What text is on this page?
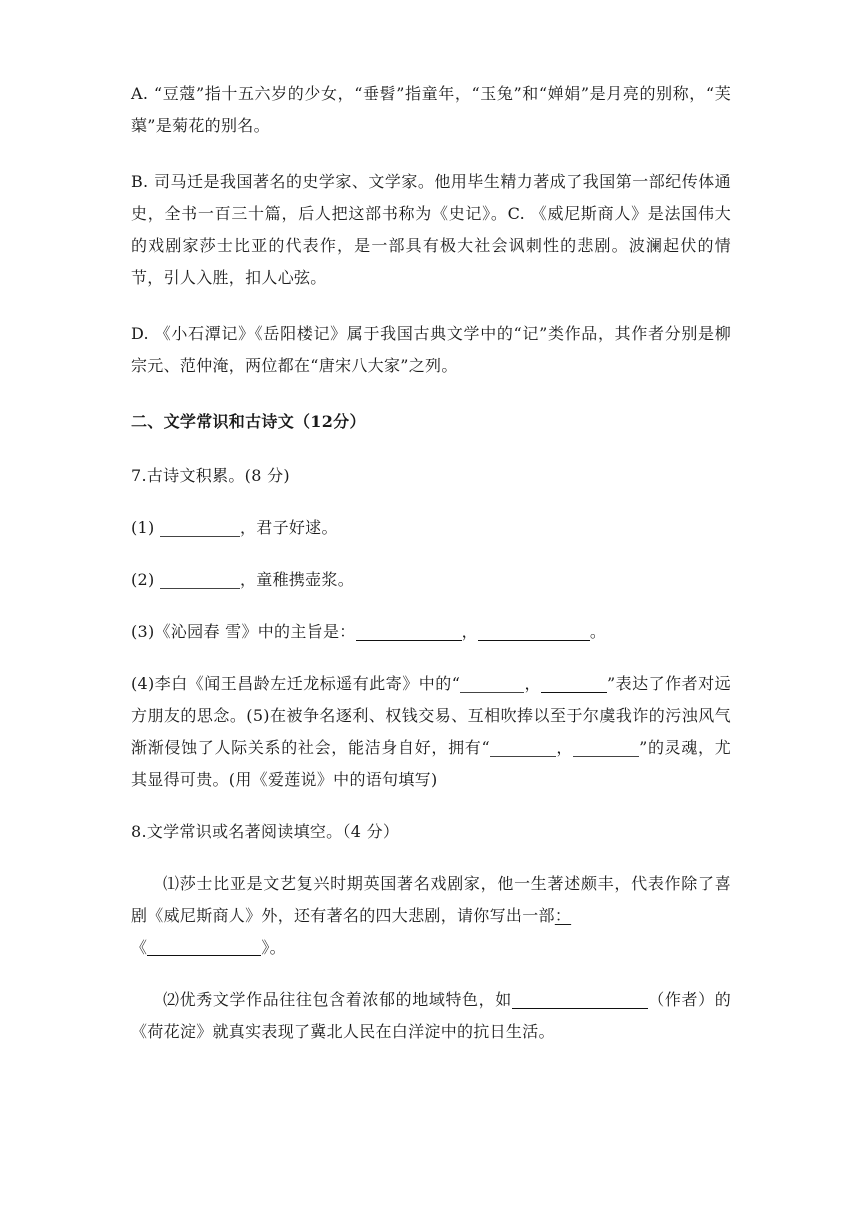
A. “豆蔻”指十五六岁的少女，“垂髫”指童年，“玉兔”和“婵娟”是月亮的别称，“芙蕖”是菊花的别名。

B. 司马迁是我国著名的史学家、文学家。他用毕生精力著成了我国第一部纪传体通史，全书一百三十篇，后人把这部书称为《史记》。C. 《威尼斯商人》是法国伟大的戏剧家莎士比亚的代表作，是一部具有极大社会讽刺性的悲剧。波澜起伏的情节，引人入胜，扣人心弦。

D. 《小石潭记》《岳阳楼记》属于我国古典文学中的“记”类作品，其作者分别是柳宗元、范仲淹，两位都在“唐宋八大家”之列。

二、文学常识和古诗文（12分）

7.古诗文积累。(8 分)

(1)	，君子好逑。

(2)	，童稚携壶浆。

(3)《沁园春 雪》中的主旨是：	，	。

(4)李白《闻王昌龄左迁龙标遥有此寄》中的“	，	”表达了作者对远方朋友的思念。(5)在被争名逐利、权钱交易、互相吹捧以至于尔虞我诈的污浊风气渐渐侵蚀了人际关系的社会，能洁身自好，拥有“	，	”的灵魂，尤其显得可贵。(用《爱莲说》中的语句填写)

8.文学常识或名著阅读填空。（4 分）

⑴莎士比亚是文艺复兴时期英国著名戏剧家，他一生著述颇丰，代表作除了喜剧《威尼斯商人》外，还有著名的四大悲剧，请你写出一部：
《	》。

⑵优秀文学作品往往包含着浓郁的地域特色，如	（作者）的《荷花淀》就真实表现了冀北人民在白洋淀中的抗日生活。
